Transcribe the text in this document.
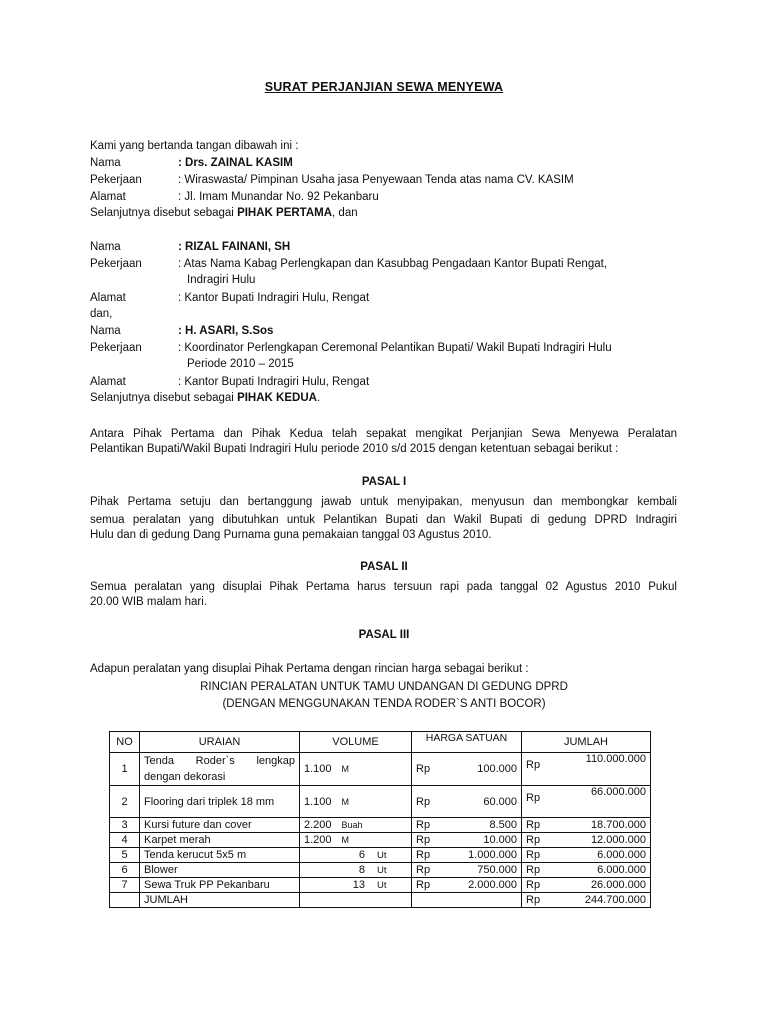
SURAT PERJANJIAN SEWA MENYEWA
Kami yang bertanda tangan dibawah ini :
Nama	: Drs. ZAINAL KASIM
Pekerjaan	: Wiraswasta/ Pimpinan Usaha jasa Penyewaan Tenda atas nama CV. KASIM
Alamat	: Jl. Imam Munandar No. 92 Pekanbaru
Selanjutnya disebut sebagai PIHAK PERTAMA, dan
Nama	: RIZAL FAINANI, SH
Pekerjaan	: Atas Nama Kabag Perlengkapan dan Kasubbag Pengadaan Kantor Bupati Rengat,
Indragiri Hulu
Alamat	: Kantor Bupati Indragiri Hulu, Rengat
dan,
Nama	: H. ASARI, S.Sos
Pekerjaan	: Koordinator Perlengkapan Ceremonal Pelantikan Bupati/ Wakil Bupati Indragiri Hulu
Periode 2010 – 2015
Alamat	: Kantor Bupati Indragiri Hulu, Rengat
Selanjutnya disebut sebagai PIHAK KEDUA.
Antara Pihak Pertama dan Pihak Kedua telah sepakat mengikat Perjanjian Sewa Menyewa Peralatan
Pelantikan Bupati/Wakil Bupati Indragiri Hulu periode 2010 s/d 2015 dengan ketentuan sebagai berikut :
PASAL I
Pihak Pertama setuju dan bertanggung jawab untuk menyipakan, menyusun dan membongkar kembali
semua peralatan yang dibutuhkan untuk Pelantikan Bupati dan Wakil Bupati di gedung DPRD Indragiri
Hulu dan di gedung Dang Purnama guna pemakaian tanggal 03 Agustus 2010.
PASAL II
Semua peralatan yang disuplai Pihak Pertama harus tersuun rapi pada tanggal 02 Agustus 2010 Pukul
20.00 WIB malam hari.
PASAL III
Adapun peralatan yang disuplai Pihak Pertama dengan rincian harga sebagai berikut :
RINCIAN PERALATAN UNTUK TAMU UNDANGAN DI GEDUNG DPRD
(DENGAN MENGGUNAKAN TENDA RODER`S ANTI BOCOR)
NO	URAIAN	VOLUME	HARGA SATUAN	JUMLAH
1	Tenda Roder`s lengkap dengan dekorasi	1.100 M	Rp 100.000	Rp 110.000.000

2	Flooring dari triplek 18 mm	1.100 M	Rp 60.000	Rp 66.000.000

3	Kursi future dan cover	2.200 Buah	Rp 8.500	Rp 18.700.000

4	Karpet merah	1.200 M	Rp 10.000	Rp 12.000.000

5	Tenda kerucut 5x5 m	6 Ut	Rp 1.000.000	Rp 6.000.000

6	Blower	8 Ut	Rp 750.000	Rp 6.000.000

7	Sewa Truk PP Pekanbaru	13 Ut	Rp 2.000.000	Rp 26.000.000

	JUMLAH			Rp 244.700.000
